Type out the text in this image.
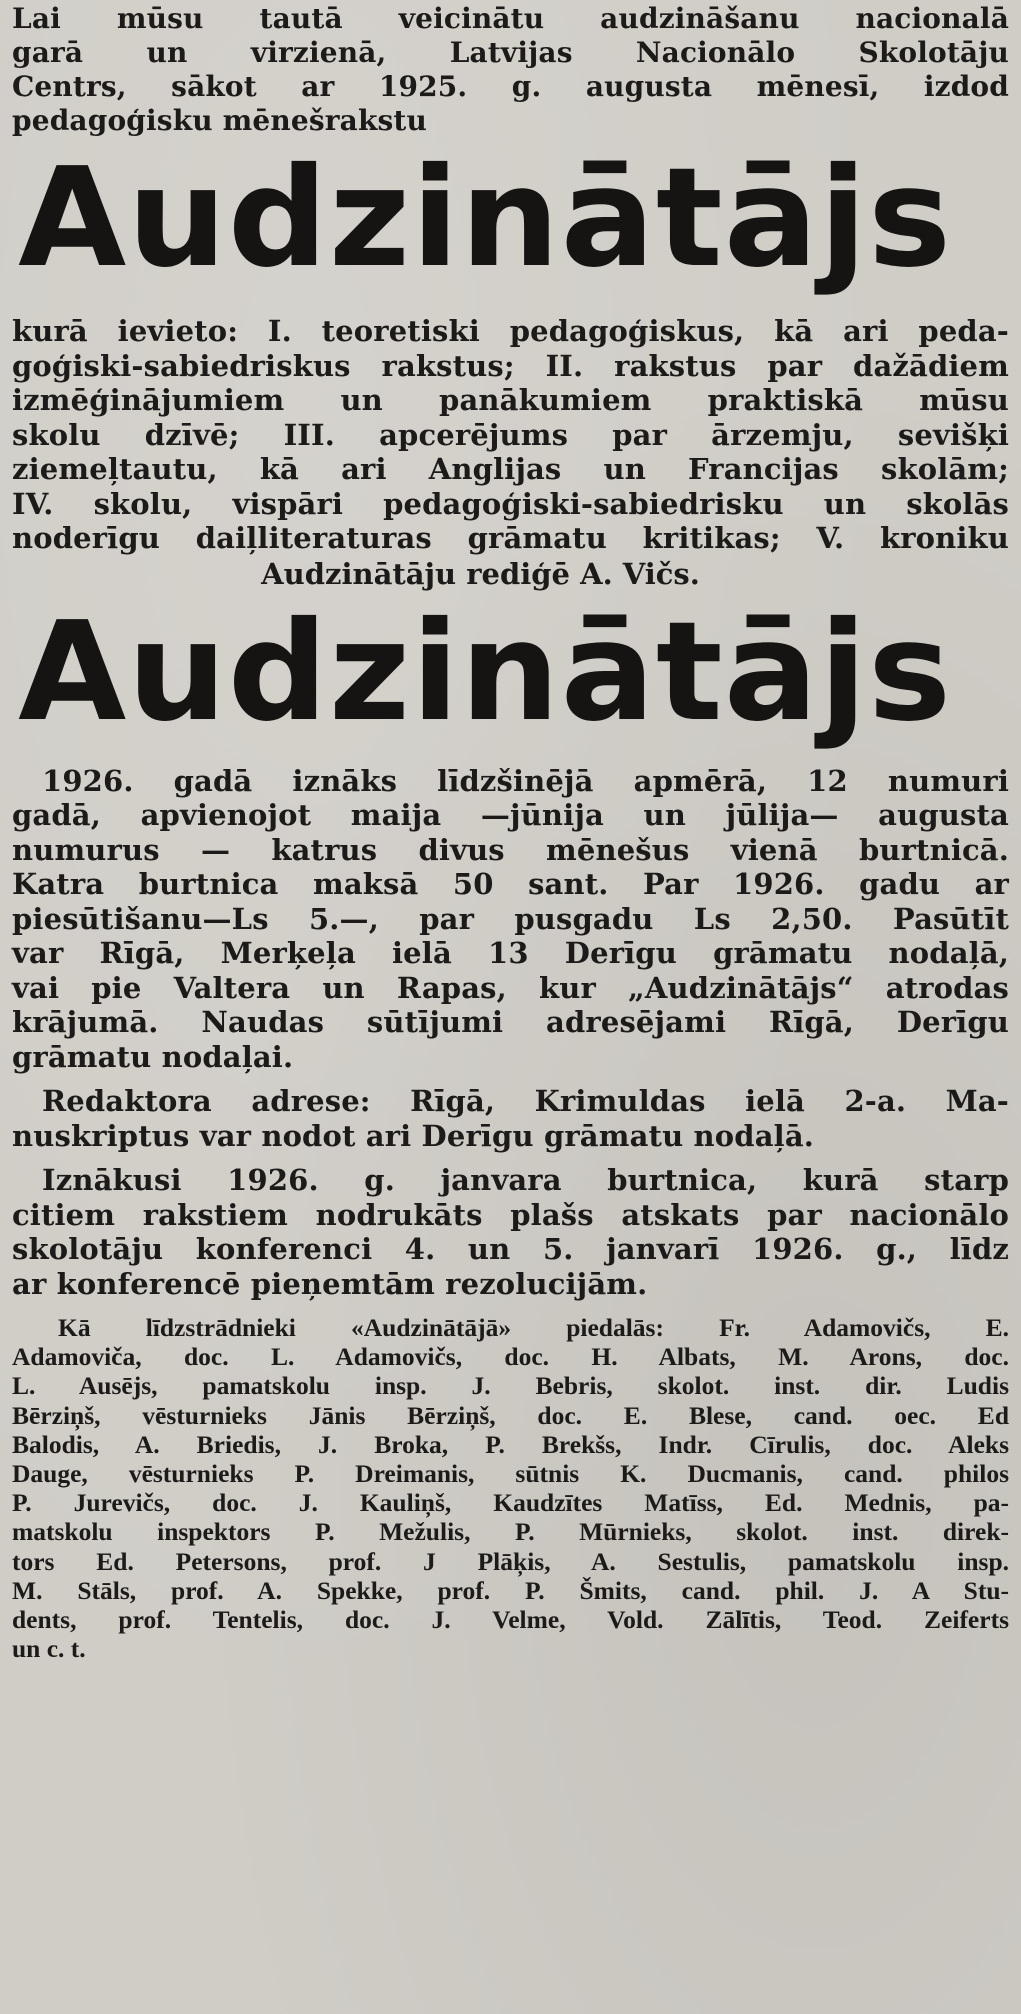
Lai mūsu tautā veicinātu audzināšanu nacionalā

garā un virzienā, Latvijas Nacionālo Skolotāju

Centrs, sākot ar 1925. g. augusta mēnesī, izdod

pedagoģisku mēnešrakstu

Audzinātājs

kurā ievieto: I. teoretiski pedagoģiskus, kā ari peda-

goģiski-sabiedriskus rakstus; II. rakstus par dažādiem

izmēģinājumiem un panākumiem praktiskā mūsu

skolu dzīvē; III. apcerējums par ārzemju, sevišķi

ziemeļtautu, kā ari Anglijas un Francijas skolām;

IV. skolu, vispāri pedagoģiski-sabiedrisku un skolās

noderīgu daiļliteraturas grāmatu kritikas; V. kroniku

Audzinātāju rediģē A. Vičs.

Audzinātājs

1926. gadā iznāks līdzšinējā apmērā, 12 numuri

gadā, apvienojot maija —jūnija un jūlija— augusta

numurus — katrus divus mēnešus vienā burtnicā.

Katra burtnica maksā 50 sant. Par 1926. gadu ar

piesūtišanu—Ls 5.—, par pusgadu Ls 2,50. Pasūtīt

var Rīgā, Merķeļa ielā 13 Derīgu grāmatu nodaļā,

vai pie Valtera un Rapas, kur „Audzinātājs“ atrodas

krājumā. Naudas sūtījumi adresējami Rīgā, Derīgu

grāmatu nodaļai.

Redaktora adrese: Rīgā, Krimuldas ielā 2-a. Ma-

nuskriptus var nodot ari Derīgu grāmatu nodaļā.

Iznākusi 1926. g. janvara burtnica, kurā starp

citiem rakstiem nodrukāts plašs atskats par nacionālo

skolotāju konferenci 4. un 5. janvarī 1926. g., līdz

ar konferencē pieņemtām rezolucijām.

Kā līdzstrādnieki «Audzinātājā» piedalās: Fr. Adamovičs, E.
Adamoviča, doc. L. Adamovičs, doc. H. Albats, M. Arons, doc.
L. Ausējs, pamatskolu insp. J. Bebris, skolot. inst. dir. Ludis
Bērziņš, vēsturnieks Jānis Bērziņš, doc. E. Blese, cand. oec. Ed
Balodis, A. Briedis, J. Broka, P. Brekšs, Indr. Cīrulis, doc. Aleks
Dauge, vēsturnieks P. Dreimanis, sūtnis K. Ducmanis, cand. philos
P. Jurevičs, doc. J. Kauliņš, Kaudzītes Matīss, Ed. Mednis, pa-
matskolu inspektors P. Mežulis, P. Mūrnieks, skolot. inst. direk-
tors Ed. Petersons, prof. J Plāķis, A. Sestulis, pamatskolu insp.
M. Stāls, prof. A. Spekke, prof. P. Šmits, cand. phil. J. A Stu-
dents, prof. Tentelis, doc. J. Velme, Vold. Zālītis, Teod. Zeiferts
un c. t.
